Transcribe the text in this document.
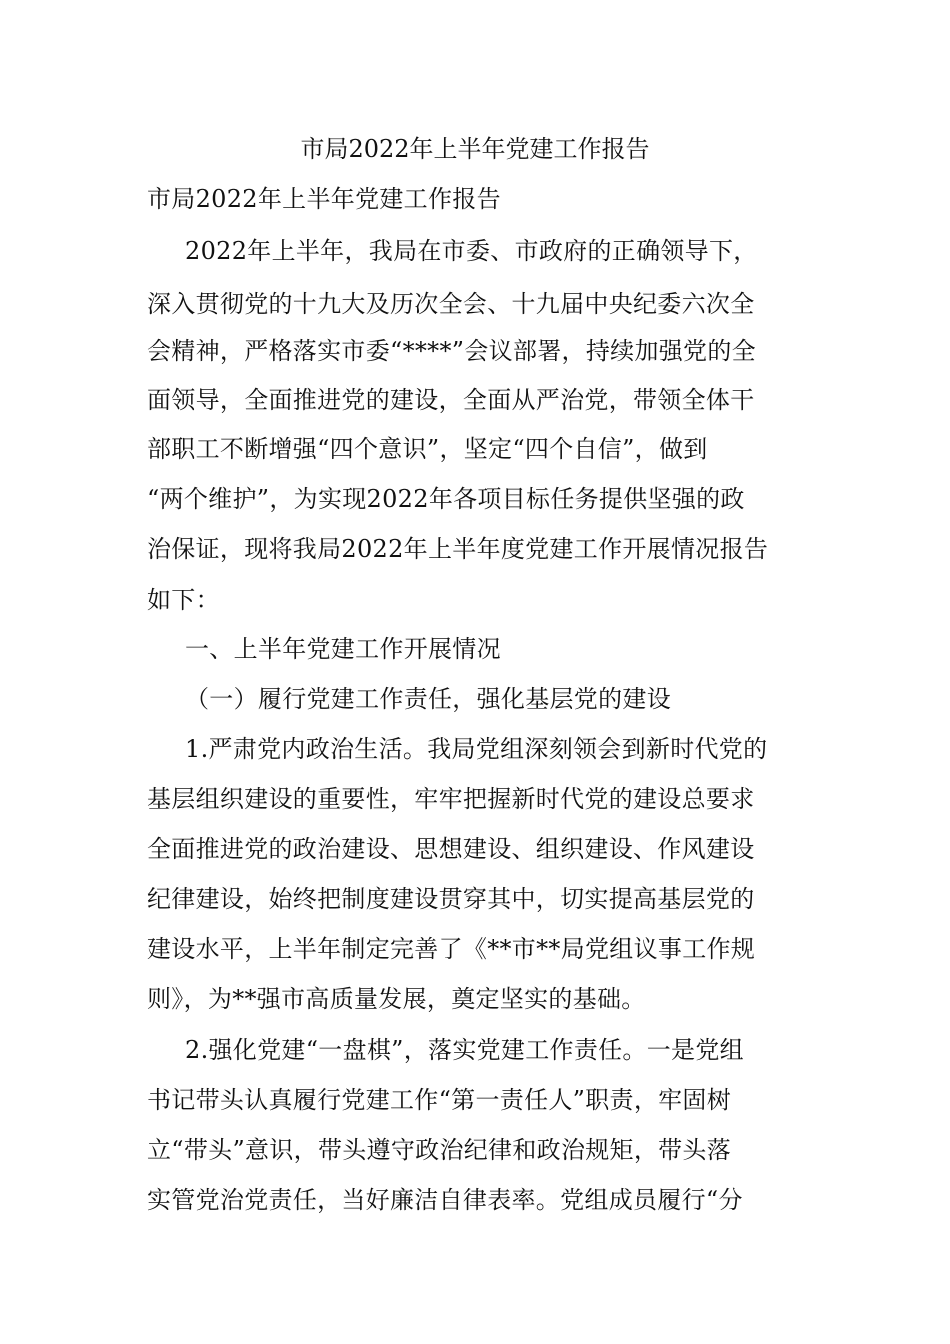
市局2022年上半年党建工作报告
市局2022年上半年党建工作报告
2022年上半年，我局在市委、市政府的正确领导下，
深入贯彻党的十九大及历次全会、十九届中央纪委六次全
会精神，严格落实市委“****”会议部署，持续加强党的全
面领导，全面推进党的建设，全面从严治党，带领全体干
部职工不断增强“四个意识”，坚定“四个自信”，做到
“两个维护”，为实现2022年各项目标任务提供坚强的政
治保证，现将我局2022年上半年度党建工作开展情况报告
如下：
一、上半年党建工作开展情况
（一）履行党建工作责任，强化基层党的建设
1.严肃党内政治生活。我局党组深刻领会到新时代党的
基层组织建设的重要性，牢牢把握新时代党的建设总要求
全面推进党的政治建设、思想建设、组织建设、作风建设
纪律建设，始终把制度建设贯穿其中，切实提高基层党的
建设水平，上半年制定完善了《**市**局党组议事工作规
则》，为**强市高质量发展，奠定坚实的基础。
2.强化党建“一盘棋”，落实党建工作责任。一是党组
书记带头认真履行党建工作“第一责任人”职责，牢固树
立“带头”意识，带头遵守政治纪律和政治规矩，带头落
实管党治党责任，当好廉洁自律表率。党组成员履行“分
